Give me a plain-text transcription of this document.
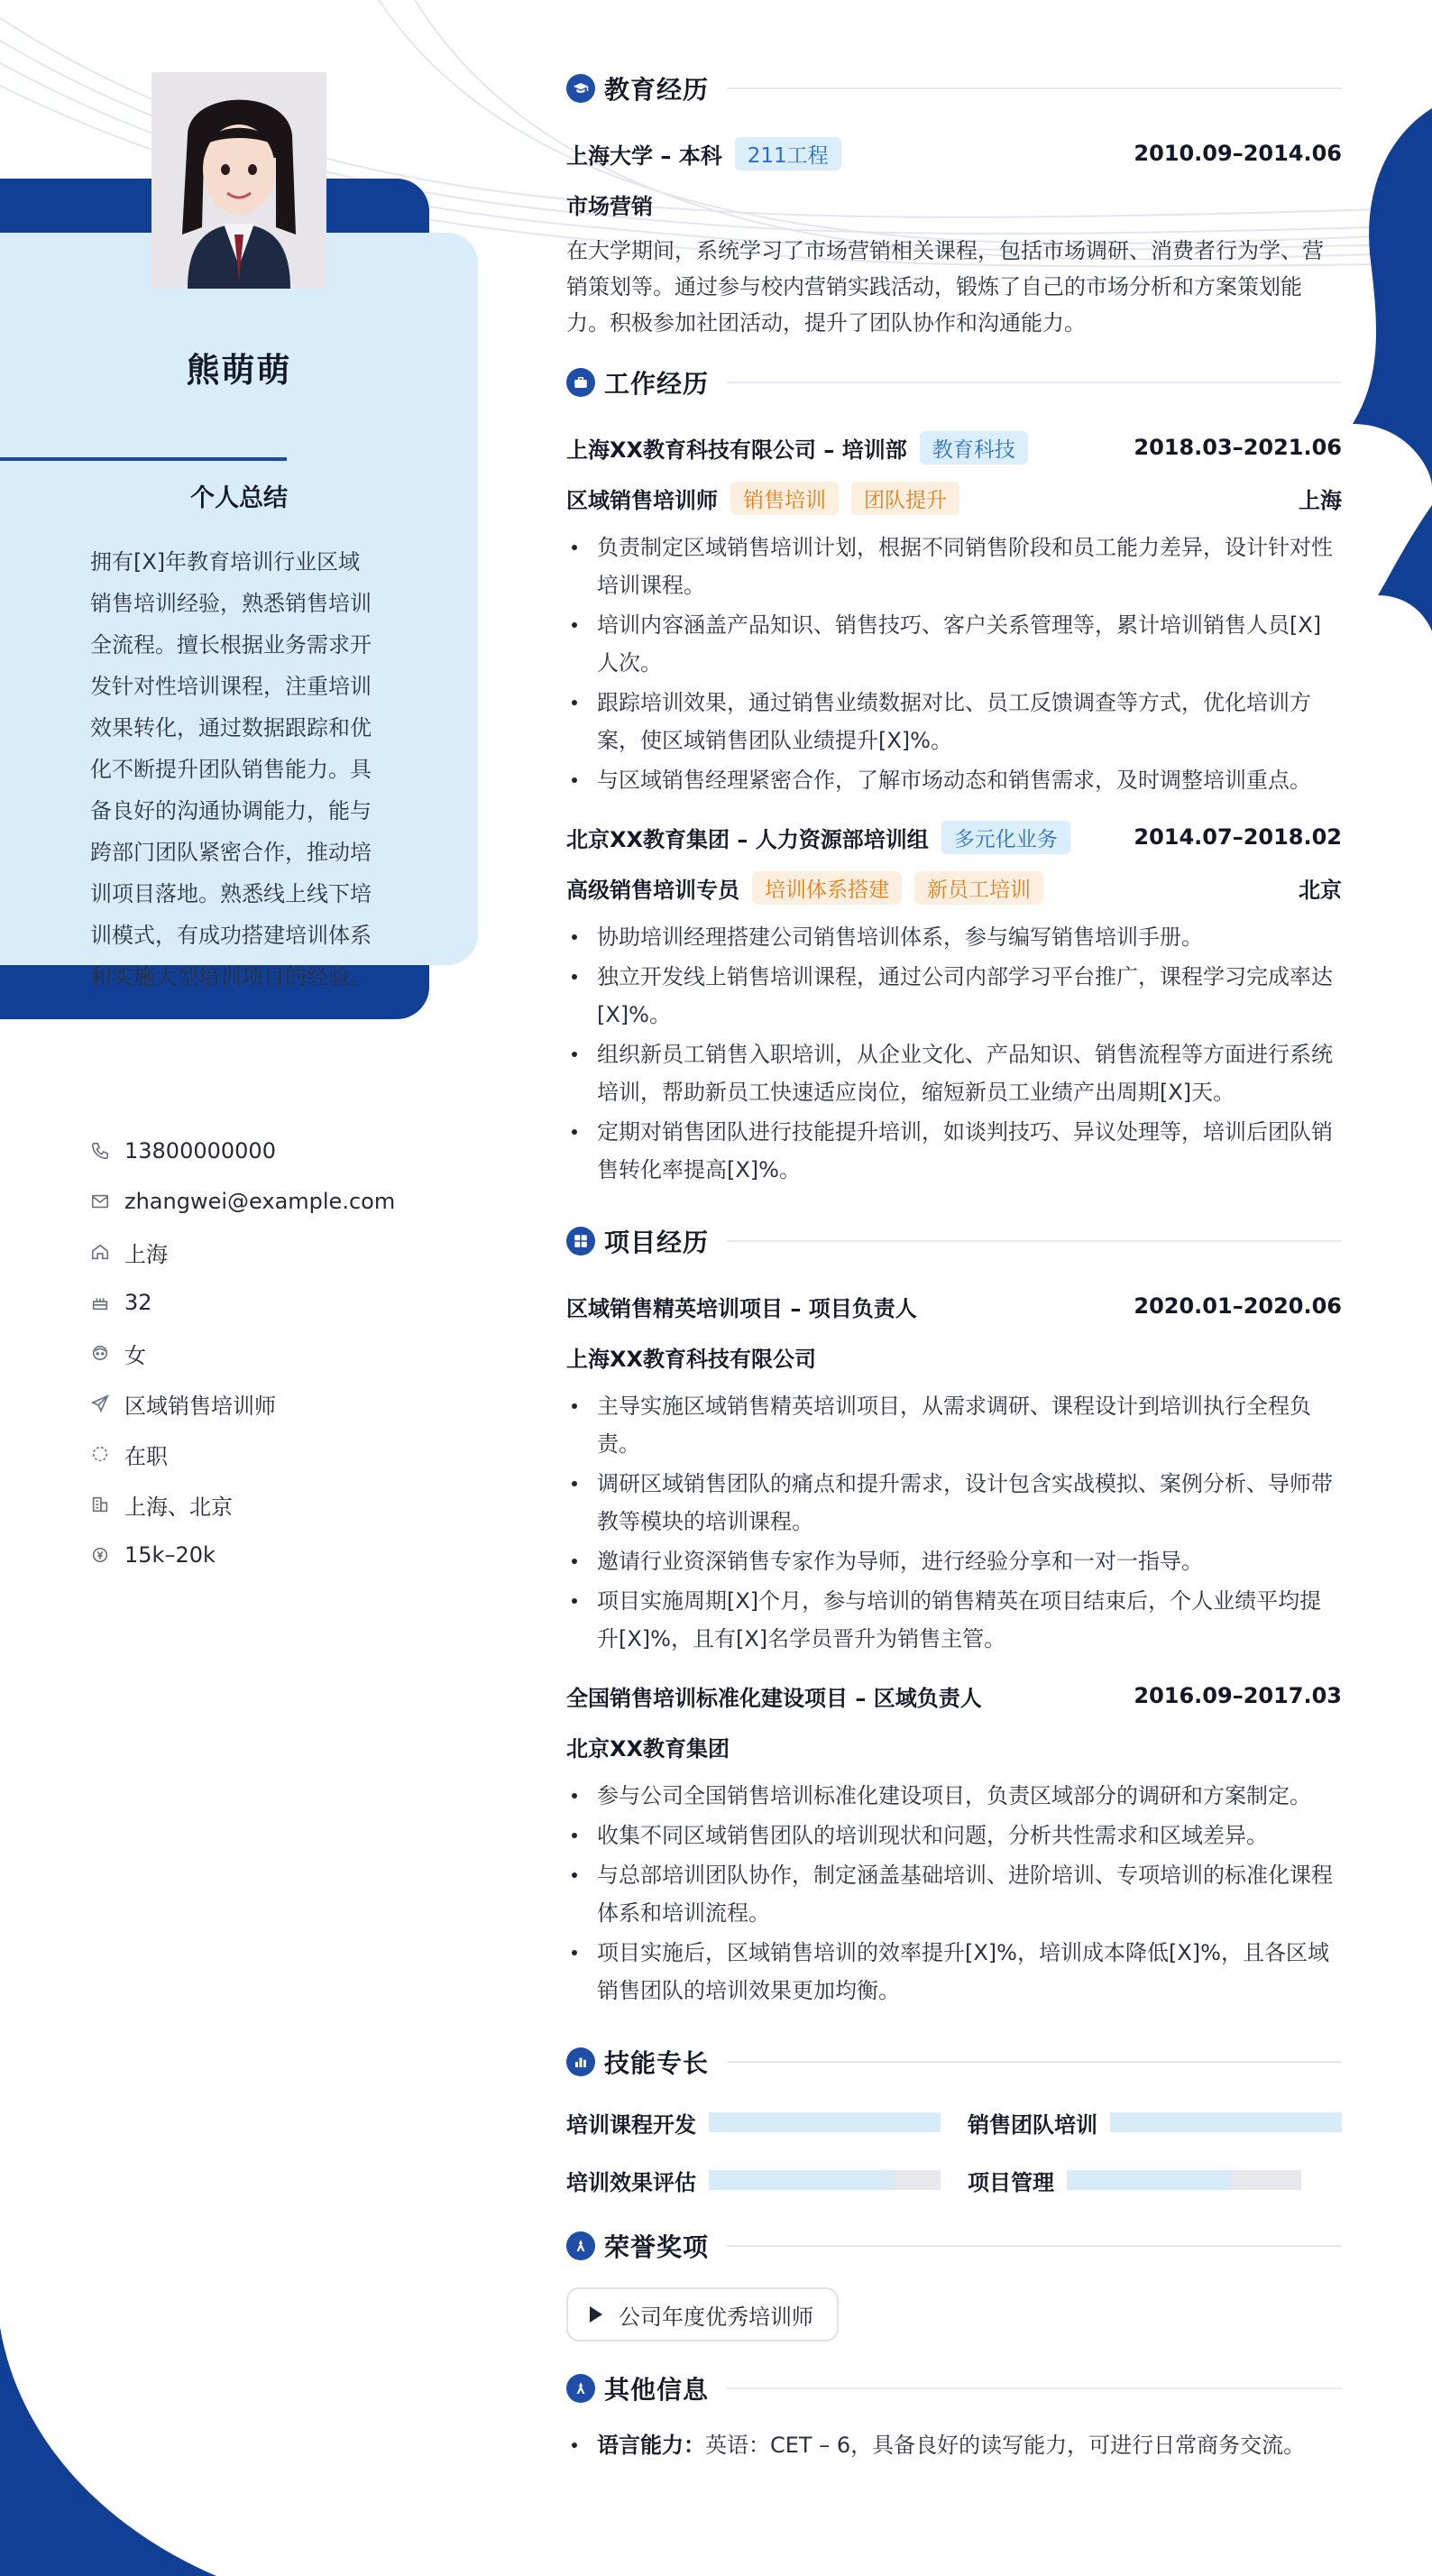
熊萌萌
个人总结

拥有[X]年教育培训行业区域销售培训经验，熟悉销售培训全流程。擅长根据业务需求开发针对性培训课程，注重培训效果转化，通过数据跟踪和优化不断提升团队销售能力。具备良好的沟通协调能力，能与跨部门团队紧密合作，推动培训项目落地。熟悉线上线下培训模式，有成功搭建培训体系和实施大型培训项目的经验。

13800000000
zhangwei@example.com
上海
32
女
区域销售培训师
在职
上海、北京
15k–20k
教育经历
上海大学 – 本科	211工程	2010.09–2014.06
市场营销

在大学期间，系统学习了市场营销相关课程，包括市场调研、消费者行为学、营销策划等。通过参与校内营销实践活动，锻炼了自己的市场分析和方案策划能力。积极参加社团活动，提升了团队协作和沟通能力。

工作经历
上海XX教育科技有限公司 – 培训部	教育科技	2018.03–2021.06
区域销售培训师	销售培训	团队提升	上海
负责制定区域销售培训计划，根据不同销售阶段和员工能力差异，设计针对性培训课程。
培训内容涵盖产品知识、销售技巧、客户关系管理等，累计培训销售人员[X]人次。
跟踪培训效果，通过销售业绩数据对比、员工反馈调查等方式，优化培训方案，使区域销售团队业绩提升[X]%。
与区域销售经理紧密合作，了解市场动态和销售需求，及时调整培训重点。
北京XX教育集团 – 人力资源部培训组	多元化业务	2014.07–2018.02
高级销售培训专员	培训体系搭建	新员工培训	北京
协助培训经理搭建公司销售培训体系，参与编写销售培训手册。
独立开发线上销售培训课程，通过公司内部学习平台推广，课程学习完成率达[X]%。
组织新员工销售入职培训，从企业文化、产品知识、销售流程等方面进行系统培训，帮助新员工快速适应岗位，缩短新员工业绩产出周期[X]天。
定期对销售团队进行技能提升培训，如谈判技巧、异议处理等，培训后团队销售转化率提高[X]%。
项目经历
区域销售精英培训项目 – 项目负责人	2020.01–2020.06
上海XX教育科技有限公司
主导实施区域销售精英培训项目，从需求调研、课程设计到培训执行全程负责。
调研区域销售团队的痛点和提升需求，设计包含实战模拟、案例分析、导师带教等模块的培训课程。
邀请行业资深销售专家作为导师，进行经验分享和一对一指导。
项目实施周期[X]个月，参与培训的销售精英在项目结束后，个人业绩平均提升[X]%，且有[X]名学员晋升为销售主管。
全国销售培训标准化建设项目 – 区域负责人	2016.09–2017.03
北京XX教育集团
参与公司全国销售培训标准化建设项目，负责区域部分的调研和方案制定。
收集不同区域销售团队的培训现状和问题，分析共性需求和区域差异。
与总部培训团队协作，制定涵盖基础培训、进阶培训、专项培训的标准化课程体系和培训流程。
项目实施后，区域销售培训的效率提升[X]%，培训成本降低[X]%，且各区域销售团队的培训效果更加均衡。
技能专长
培训课程开发	销售团队培训
培训效果评估	项目管理
荣誉奖项
公司年度优秀培训师
其他信息
语言能力：英语：CET – 6，具备良好的读写能力，可进行日常商务交流。
